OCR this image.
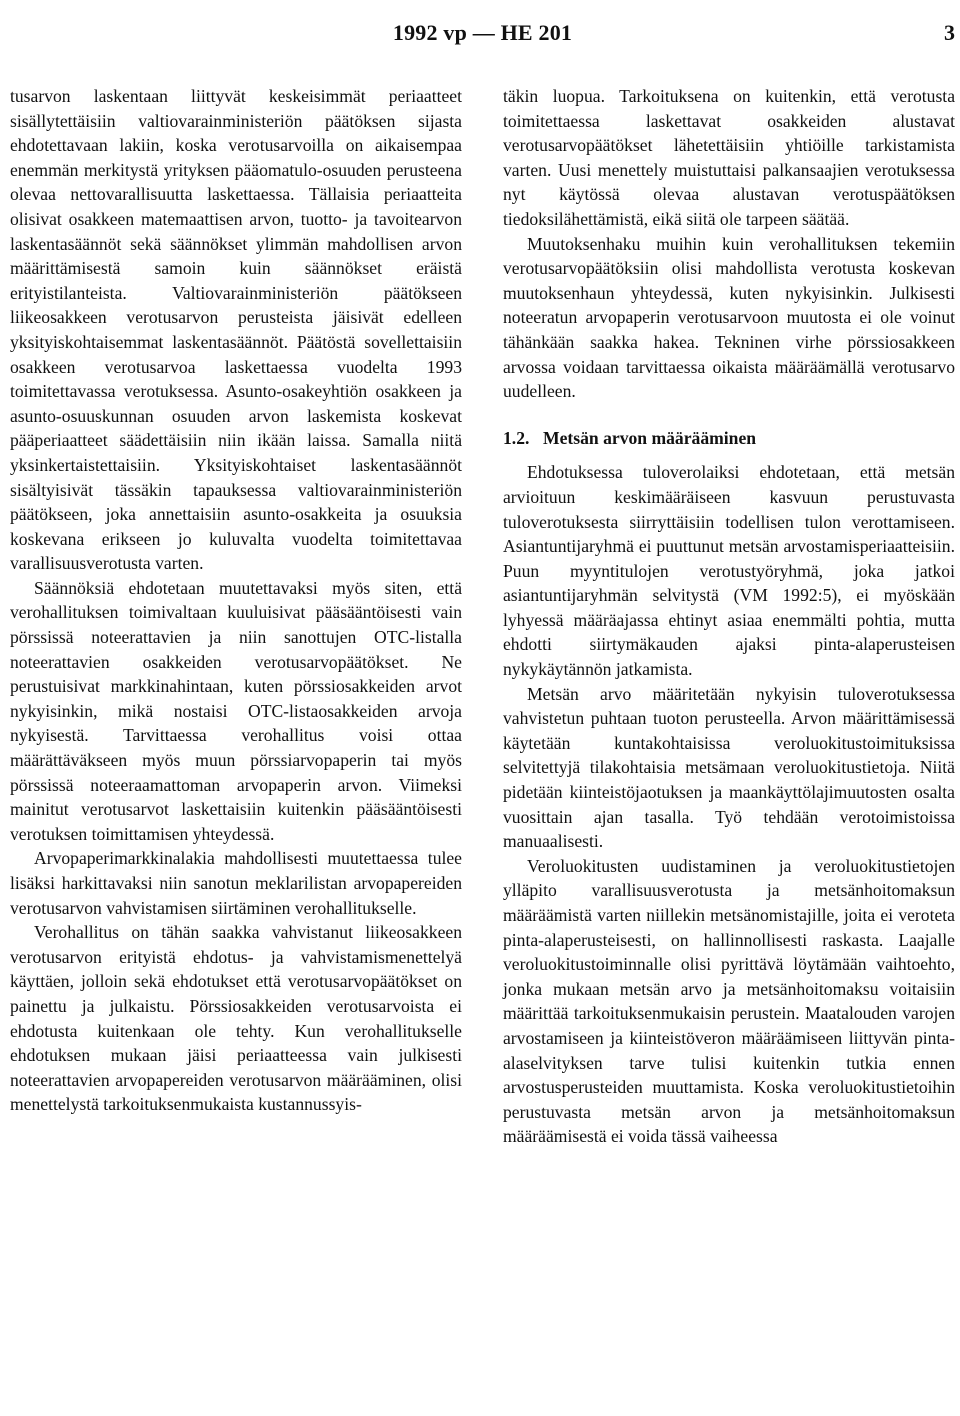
1992 vp — HE 201	3

tusarvon laskentaan liittyvät keskeisimmät periaatteet sisällytettäisiin valtiovarainministeriön päätöksen sijasta ehdotettavaan lakiin, koska verotusarvoilla on aikaisempaa enemmän merkitystä yrityksen pääomatulo-osuuden perusteena olevaa nettovarallisuutta laskettaessa. Tällaisia periaatteita olisivat osakkeen matemaattisen arvon, tuotto- ja tavoitearvon laskentasäännöt sekä säännökset ylimmän mahdollisen arvon määrittämisestä samoin kuin säännökset eräistä erityistilanteista. Valtiovarainministeriön päätökseen liikeosakkeen verotusarvon perusteista jäisivät edelleen yksityiskohtaisemmat laskentasäännöt. Päätöstä sovellettaisiin osakkeen verotusarvoa laskettaessa vuodelta 1993 toimitettavassa verotuksessa. Asunto-osakeyhtiön osakkeen ja asunto-osuuskunnan osuuden arvon laskemista koskevat pääperiaatteet säädettäisiin niin ikään laissa. Samalla niitä yksinkertaistettaisiin. Yksityiskohtaiset laskentasäännöt sisältyisivät tässäkin tapauksessa valtiovarainministeriön päätökseen, joka annettaisiin asunto-osakkeita ja osuuksia koskevana erikseen jo kuluvalta vuodelta toimitettavaa varallisuusverotusta varten.

Säännöksiä ehdotetaan muutettavaksi myös siten, että verohallituksen toimivaltaan kuuluisivat pääsääntöisesti vain pörssissä noteerattavien ja niin sanottujen OTC-listalla noteerattavien osakkeiden verotusarvopäätökset. Ne perustuisivat markkinahintaan, kuten pörssiosakkeiden arvot nykyisinkin, mikä nostaisi OTC-listaosakkeiden arvoja nykyisestä. Tarvittaessa verohallitus voisi ottaa määrättäväkseen myös muun pörssiarvopaperin tai myös pörssissä noteeraamattoman arvopaperin arvon. Viimeksi mainitut verotusarvot laskettaisiin kuitenkin pääsääntöisesti verotuksen toimittamisen yhteydessä.

Arvopaperimarkkinalakia mahdollisesti muutettaessa tulee lisäksi harkittavaksi niin sanotun meklarilistan arvopapereiden verotusarvon vahvistamisen siirtäminen verohallitukselle.

Verohallitus on tähän saakka vahvistanut liikeosakkeen verotusarvon erityistä ehdotus- ja vahvistamismenettelyä käyttäen, jolloin sekä ehdotukset että verotusarvopäätökset on painettu ja julkaistu. Pörssiosakkeiden verotusarvoista ei ehdotusta kuitenkaan ole tehty. Kun verohallitukselle ehdotuksen mukaan jäisi periaatteessa vain julkisesti noteerattavien arvopapereiden verotusarvon määrääminen, olisi menettelystä tarkoituksenmukaista kustannussyis-

täkin luopua. Tarkoituksena on kuitenkin, että verotusta toimitettaessa laskettavat osakkeiden alustavat verotusarvopäätökset lähetettäisiin yhtiöille tarkistamista varten. Uusi menettely muistuttaisi palkansaajien verotuksessa nyt käytössä olevaa alustavan verotuspäätöksen tiedoksilähettämistä, eikä siitä ole tarpeen säätää.

Muutoksenhaku muihin kuin verohallituksen tekemiin verotusarvopäätöksiin olisi mahdollista verotusta koskevan muutoksenhaun yhteydessä, kuten nykyisinkin. Julkisesti noteeratun arvopaperin verotusarvoon muutosta ei ole voinut tähänkään saakka hakea. Tekninen virhe pörssiosakkeen arvossa voidaan tarvittaessa oikaista määräämällä verotusarvo uudelleen.

1.2. Metsän arvon määrääminen

Ehdotuksessa tuloverolaiksi ehdotetaan, että metsän arvioituun keskimääräiseen kasvuun perustuvasta tuloverotuksesta siirryttäisiin todellisen tulon verottamiseen. Asiantuntijaryhmä ei puuttunut metsän arvostamisperiaatteisiin. Puun myyntitulojen verotustyöryhmä, joka jatkoi asiantuntijaryhmän selvitystä (VM 1992:5), ei myöskään lyhyessä määräajassa ehtinyt asiaa enemmälti pohtia, mutta ehdotti siirtymäkauden ajaksi pinta-alaperusteisen nykykäytännön jatkamista.

Metsän arvo määritetään nykyisin tuloverotuksessa vahvistetun puhtaan tuoton perusteella. Arvon määrittämisessä käytetään kuntakohtaisissa veroluokitustoimituksissa selvitettyjä tilakohtaisia metsämaan veroluokitustietoja. Niitä pidetään kiinteistöjaotuksen ja maankäyttölajimuutosten osalta vuosittain ajan tasalla. Työ tehdään verotoimistoissa manuaalisesti.

Veroluokitusten uudistaminen ja veroluokitustietojen ylläpito varallisuusverotusta ja metsänhoitomaksun määräämistä varten niillekin metsänomistajille, joita ei veroteta pinta-alaperusteisesti, on hallinnollisesti raskasta. Laajalle veroluokitustoiminnalle olisi pyrittävä löytämään vaihtoehto, jonka mukaan metsän arvo ja metsänhoitomaksu voitaisiin määrittää tarkoituksenmukaisin perustein. Maatalouden varojen arvostamiseen ja kiinteistöveron määräämiseen liittyvän pinta-alaselvityksen tarve tulisi kuitenkin tutkia ennen arvostusperusteiden muuttamista. Koska veroluokitustietoihin perustuvasta metsän arvon ja metsänhoitomaksun määräämisestä ei voida tässä vaiheessa
